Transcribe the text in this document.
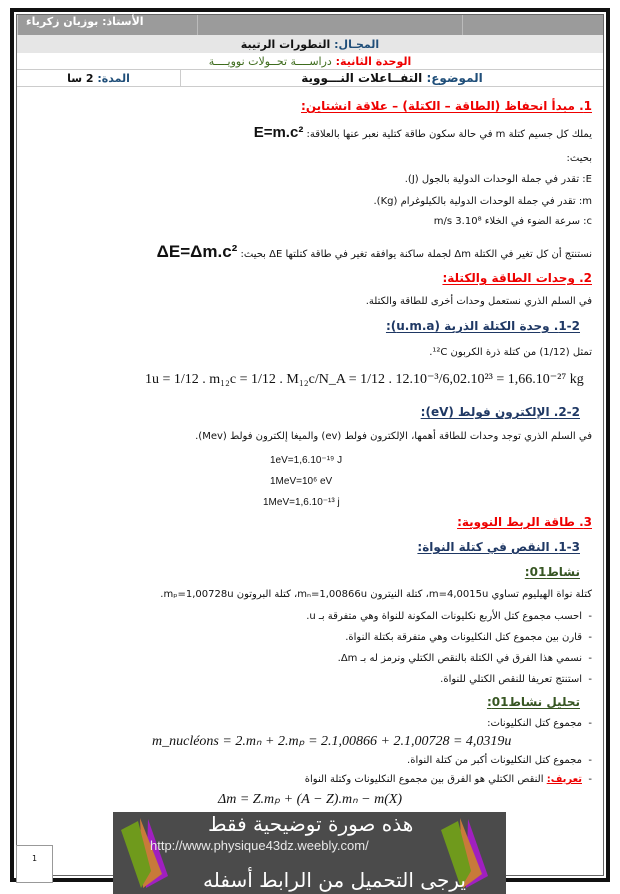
الأستاذ: بوزيان زكرياء
المجـال:

التطورات الرتيبة
الوحدة الثانية:

دراســــة تحــولات نوويــــة
المدة:

2 سا	الموضوع:

التفــاعلات النـــووية
1. مبدأ انحفاظ (الطاقة – الكتلة) – علاقة انشتاين:
يملك كل جسيم كتلة m في حالة سكون طاقة كتلية نعبر عنها بالعلاقة: E=m.c²
بحيث:
E: تقدر في جملة الوحدات الدولية بالجول (J).
m: تقدر في جملة الوحدات الدولية بالكيلوغرام (Kg).
c: سرعة الضوء في الخلاء 3.10⁸ m/s
نستنتج أن كل تغير في الكتلة Δm لجملة ساكنة يوافقه تغير في طاقة كتلتها ΔE بحيث: ΔE=Δm.c²
2. وحدات الطاقة والكتلة:
في السلم الذري نستعمل وحدات أخرى للطاقة والكتلة.
1-2. وحدة الكتلة الذرية (u.m.a):
تمثل (1/12) من كتلة ذرة الكربون ¹²C.
1u = 1/12 . m₁₂c = 1/12 . M₁₂c/N_A = 1/12 . 12.10⁻³/6,02.10²³ = 1,66.10⁻²⁷ kg
2-2. الإلكترون فولط (eV):
في السلم الذري توجد وحدات للطاقة أهمها، الإلكترون فولط (ev) والميغا إلكترون فولط (Mev).
1eV=1,6.10⁻¹⁹ J
1MeV=10⁶ eV
1MeV=1,6.10⁻¹³ j
3. طاقة الربط النووية:
1-3. النقص في كتلة النواة:
نشاط01:
كتلة نواة الهيليوم تساوي m=4,0015u، كتلة النيترون mₙ=1,00866u، كتلة البروتون mₚ=1,00728u.
-
احسب مجموع كتل الأربع نكليونات المكونة للنواة وهي متفرقة بـ u.
-
قارن بين مجموع كتل النكليونات وهي متفرقة بكتلة النواة.
-
نسمي هذا الفرق في الكتلة بالنقص الكتلي ونرمز له بـ Δm.
-
استنتج تعريفا للنقص الكتلي للنواة.
تحليل نشاط01:
-
مجموع كتل النكليونات:
m_nucléons = 2.mₙ + 2.mₚ = 2.1,00866 + 2.1,00728 = 4,0319u
-
مجموع كتل النكليونات أكبر من كتلة النواة.
-
تعريف: النقص الكتلي هو الفرق بين مجموع النكليونات وكتلة النواة
Δm = Z.mₚ + (A − Z).mₙ − m(X)
1
هذه صورة توضيحية فقط
يرجى التحميل من الرابط أسفله
http://www.physique43dz.weebly.com/
